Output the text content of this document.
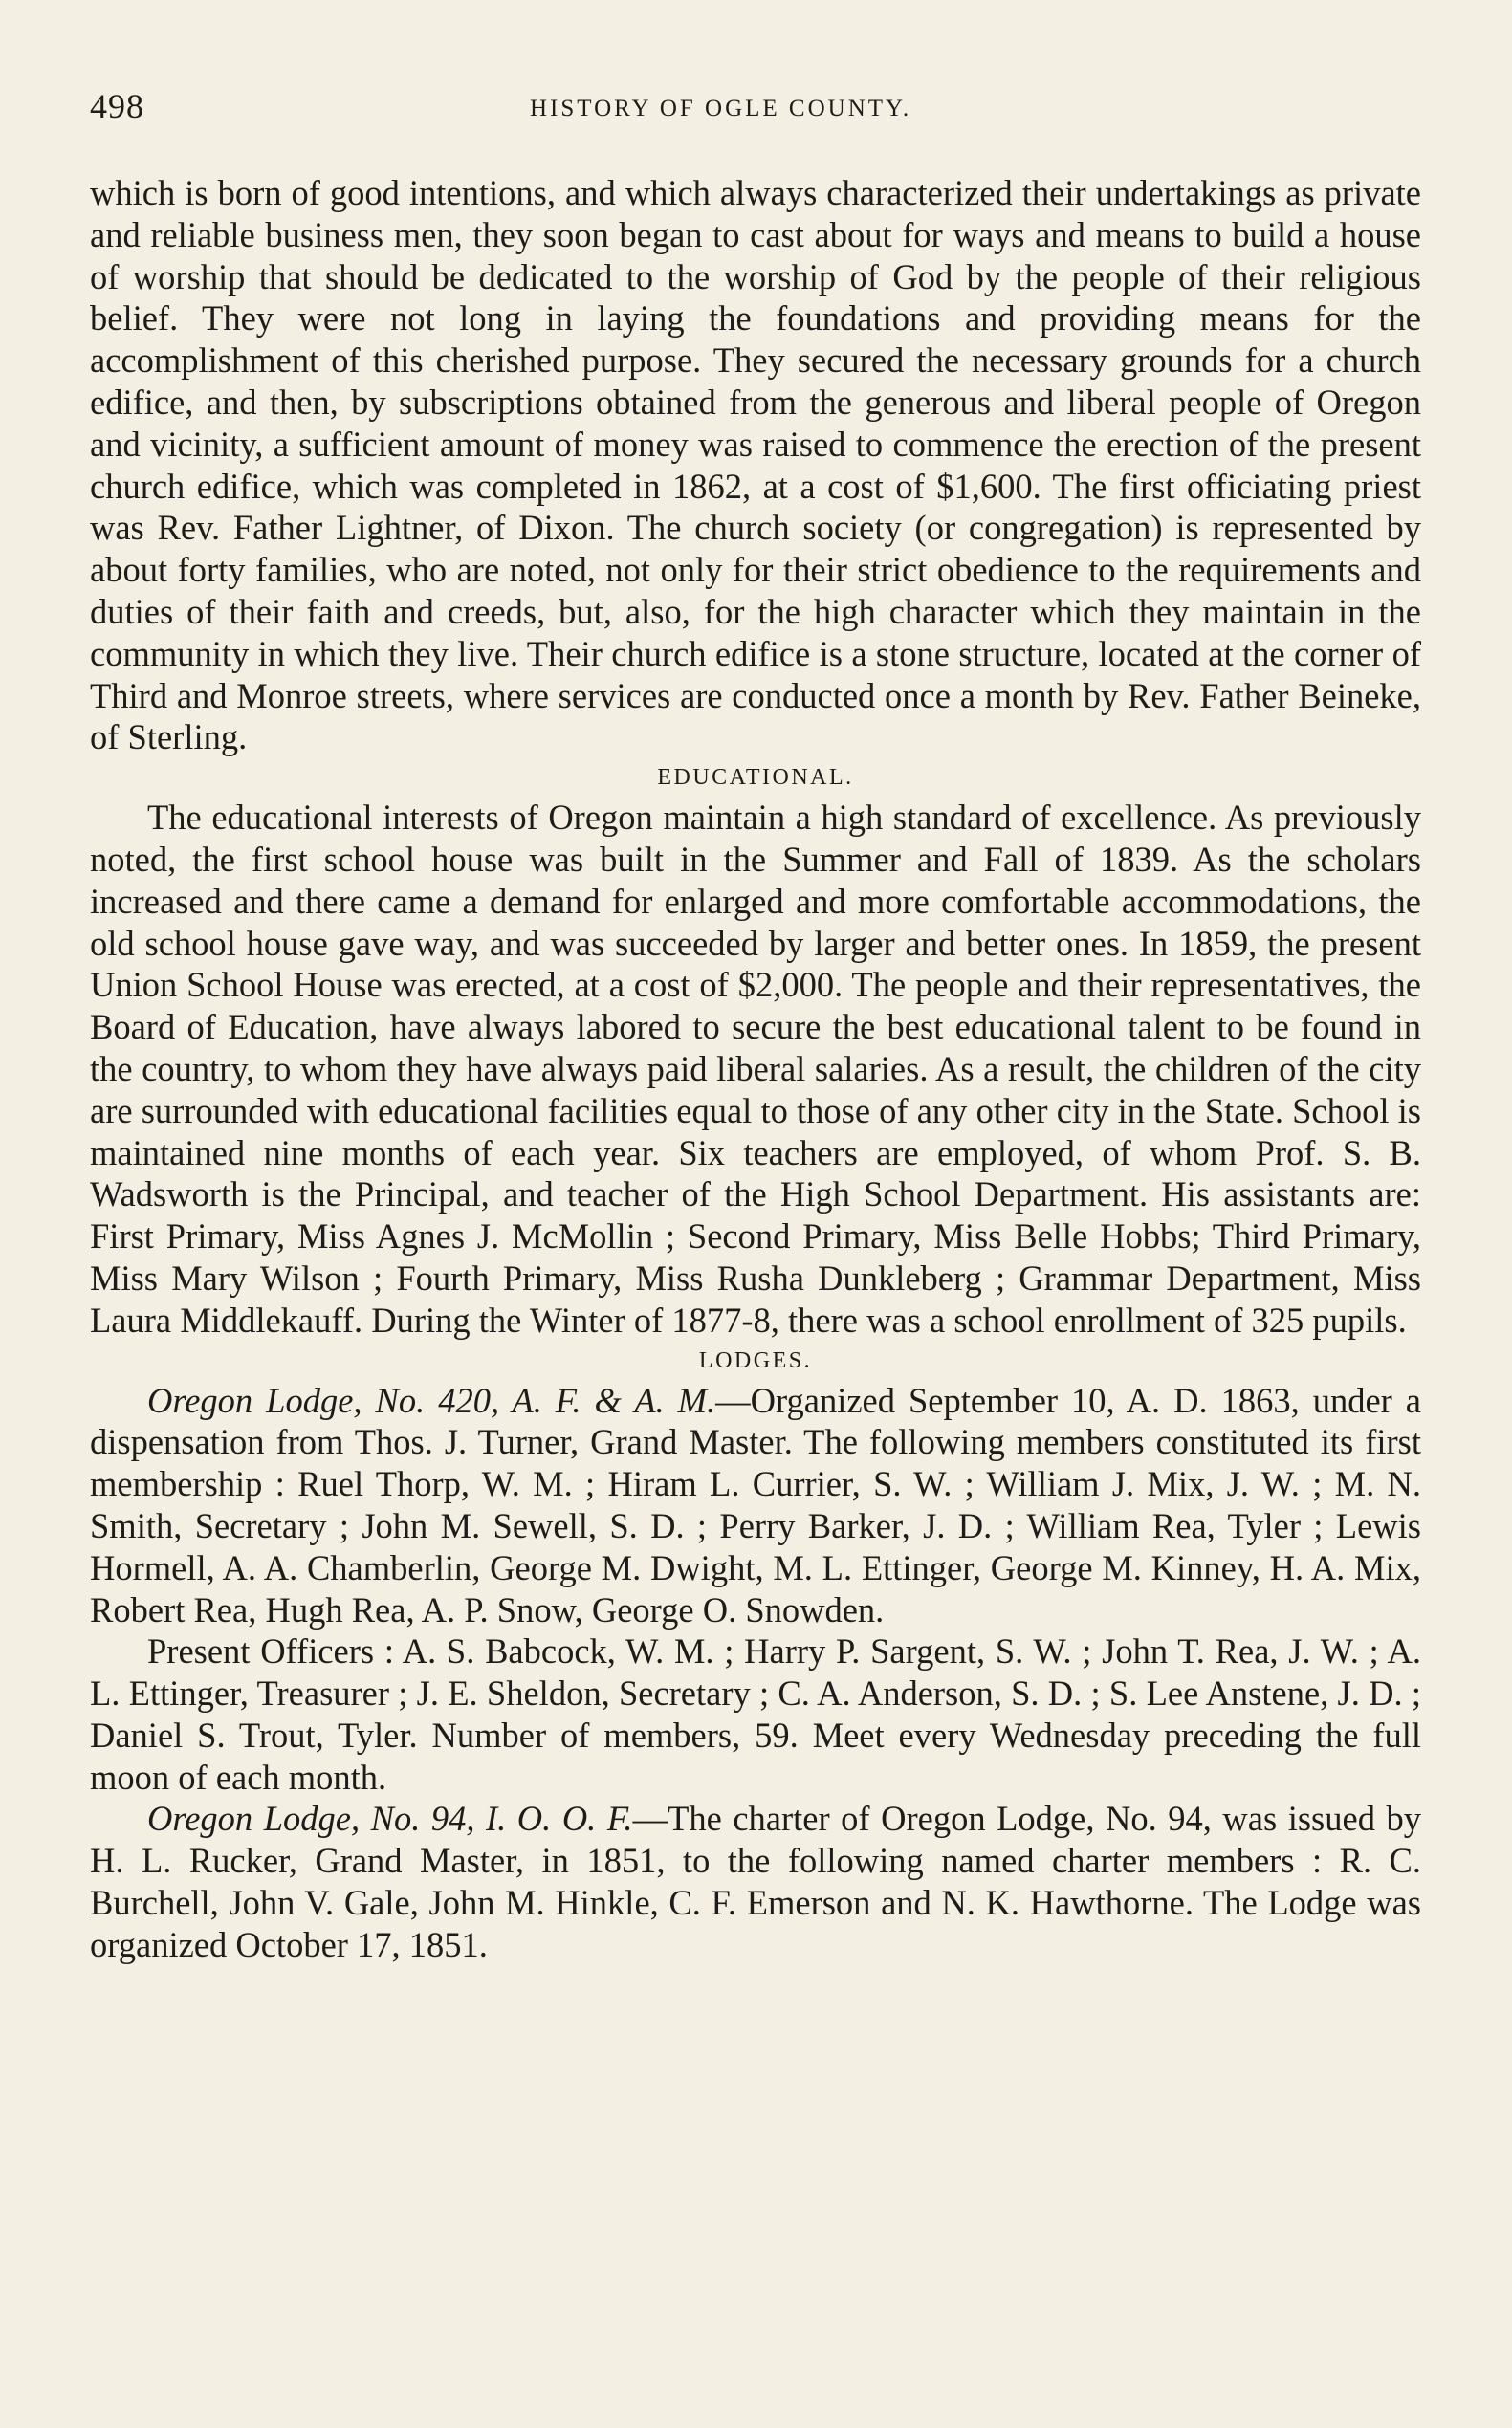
498	HISTORY OF OGLE COUNTY.

which is born of good intentions, and which always characterized their undertakings as private and reliable business men, they soon began to cast about for ways and means to build a house of worship that should be dedicated to the worship of God by the people of their religious belief. They were not long in laying the foundations and providing means for the accomplishment of this cherished purpose. They secured the necessary grounds for a church edifice, and then, by subscriptions obtained from the generous and liberal people of Oregon and vicinity, a sufficient amount of money was raised to commence the erection of the present church edifice, which was completed in 1862, at a cost of $1,600. The first officiating priest was Rev. Father Lightner, of Dixon. The church society (or congregation) is represented by about forty families, who are noted, not only for their strict obedience to the requirements and duties of their faith and creeds, but, also, for the high character which they maintain in the community in which they live. Their church edifice is a stone structure, located at the corner of Third and Monroe streets, where services are conducted once a month by Rev. Father Beineke, of Sterling.

EDUCATIONAL.

The educational interests of Oregon maintain a high standard of excellence. As previously noted, the first school house was built in the Summer and Fall of 1839. As the scholars increased and there came a demand for enlarged and more comfortable accommodations, the old school house gave way, and was succeeded by larger and better ones. In 1859, the present Union School House was erected, at a cost of $2,000. The people and their representatives, the Board of Education, have always labored to secure the best educational talent to be found in the country, to whom they have always paid liberal salaries. As a result, the children of the city are surrounded with educational facilities equal to those of any other city in the State. School is maintained nine months of each year. Six teachers are employed, of whom Prof. S. B. Wadsworth is the Principal, and teacher of the High School Department. His assistants are: First Primary, Miss Agnes J. McMollin ; Second Primary, Miss Belle Hobbs; Third Primary, Miss Mary Wilson ; Fourth Primary, Miss Rusha Dunkleberg ; Grammar Department, Miss Laura Middlekauff. During the Winter of 1877-8, there was a school enrollment of 325 pupils.

LODGES.

Oregon Lodge, No. 420, A. F. & A. M.—Organized September 10, A. D. 1863, under a dispensation from Thos. J. Turner, Grand Master. The following members constituted its first membership : Ruel Thorp, W. M. ; Hiram L. Currier, S. W. ; William J. Mix, J. W. ; M. N. Smith, Secretary ; John M. Sewell, S. D. ; Perry Barker, J. D. ; William Rea, Tyler ; Lewis Hormell, A. A. Chamberlin, George M. Dwight, M. L. Ettinger, George M. Kinney, H. A. Mix, Robert Rea, Hugh Rea, A. P. Snow, George O. Snowden.

Present Officers : A. S. Babcock, W. M. ; Harry P. Sargent, S. W. ; John T. Rea, J. W. ; A. L. Ettinger, Treasurer ; J. E. Sheldon, Secretary ; C. A. Anderson, S. D. ; S. Lee Anstene, J. D. ; Daniel S. Trout, Tyler. Number of members, 59. Meet every Wednesday preceding the full moon of each month.

Oregon Lodge, No. 94, I. O. O. F.—The charter of Oregon Lodge, No. 94, was issued by H. L. Rucker, Grand Master, in 1851, to the following named charter members : R. C. Burchell, John V. Gale, John M. Hinkle, C. F. Emerson and N. K. Hawthorne. The Lodge was organized October 17, 1851.
